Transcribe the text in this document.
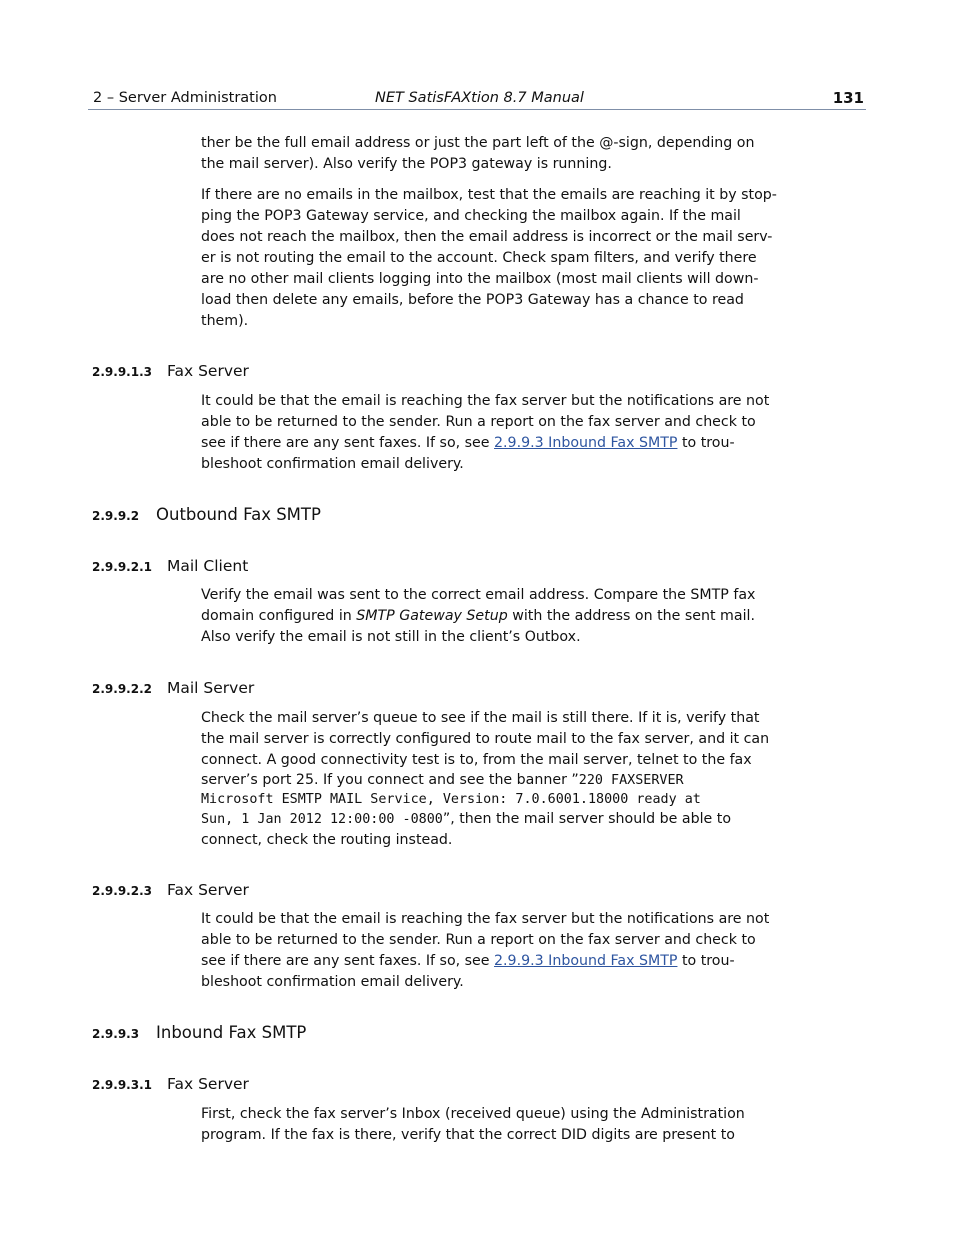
2 – Server Administration	NET SatisFAXtion 8.7 Manual	131

ther be the full email address or just the part left of the @-sign, depending on
the mail server). Also verify the POP3 gateway is running.

If there are no emails in the mailbox, test that the emails are reaching it by stop-
ping the POP3 Gateway service, and checking the mailbox again. If the mail
does not reach the mailbox, then the email address is incorrect or the mail serv-
er is not routing the email to the account. Check spam filters, and verify there
are no other mail clients logging into the mailbox (most mail clients will down-
load then delete any emails, before the POP3 Gateway has a chance to read
them).

2.9.9.1.3 Fax Server

It could be that the email is reaching the fax server but the notifications are not
able to be returned to the sender. Run a report on the fax server and check to
see if there are any sent faxes. If so, see 2.9.9.3 Inbound Fax SMTP to trou-
bleshoot confirmation email delivery.

2.9.9.2 Outbound Fax SMTP
2.9.9.2.1 Mail Client

Verify the email was sent to the correct email address. Compare the SMTP fax
domain configured in SMTP Gateway Setup with the address on the sent mail.
Also verify the email is not still in the client’s Outbox.

2.9.9.2.2 Mail Server

Check the mail server’s queue to see if the mail is still there. If it is, verify that
the mail server is correctly configured to route mail to the fax server, and it can
connect. A good connectivity test is to, from the mail server, telnet to the fax
server’s port 25. If you connect and see the banner ”220 FAXSERVER
Microsoft ESMTP MAIL Service, Version: 7.0.6001.18000 ready at
Sun, 1 Jan 2012 12:00:00 -0800”, then the mail server should be able to
connect, check the routing instead.

2.9.9.2.3 Fax Server

It could be that the email is reaching the fax server but the notifications are not
able to be returned to the sender. Run a report on the fax server and check to
see if there are any sent faxes. If so, see 2.9.9.3 Inbound Fax SMTP to trou-
bleshoot confirmation email delivery.

2.9.9.3 Inbound Fax SMTP
2.9.9.3.1 Fax Server

First, check the fax server’s Inbox (received queue) using the Administration
program. If the fax is there, verify that the correct DID digits are present to
